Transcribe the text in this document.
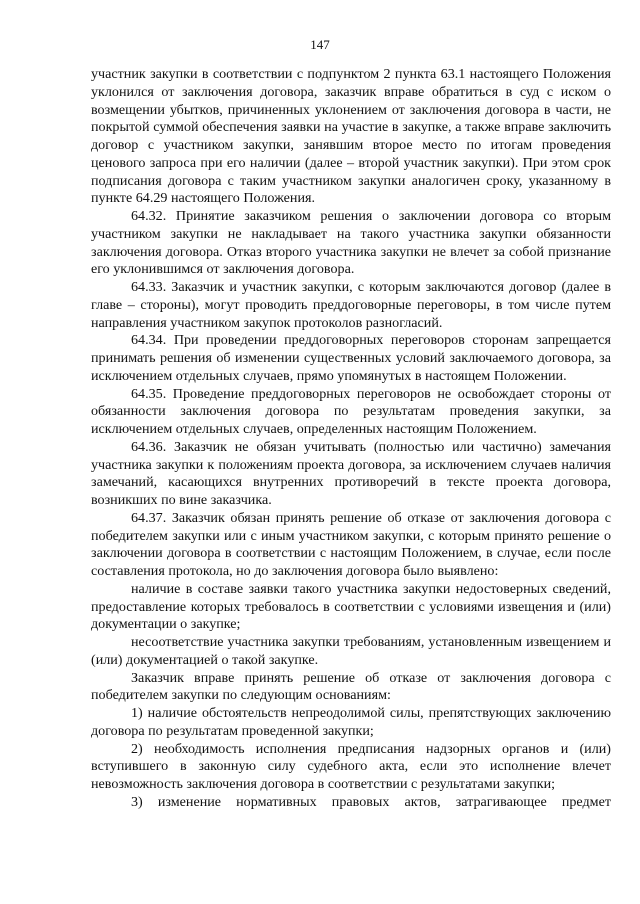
147

участник закупки в соответствии с подпунктом 2 пункта 63.1 настоящего Положения уклонился от заключения договора, заказчик вправе обратиться в суд с иском о возмещении убытков, причиненных уклонением от заключения договора в части, не покрытой суммой обеспечения заявки на участие в закупке, а также вправе заключить договор с участником закупки, занявшим второе место по итогам проведения ценового запроса при его наличии (далее – второй участник закупки). При этом срок подписания договора с таким участником закупки аналогичен сроку, указанному в пункте 64.29 настоящего Положения.

64.32. Принятие заказчиком решения о заключении договора со вторым участником закупки не накладывает на такого участника закупки обязанности заключения договора. Отказ второго участника закупки не влечет за собой признание его уклонившимся от заключения договора.

64.33. Заказчик и участник закупки, с которым заключаются договор (далее в главе – стороны), могут проводить преддоговорные переговоры, в том числе путем направления участником закупок протоколов разногласий.

64.34. При проведении преддоговорных переговоров сторонам запрещается принимать решения об изменении существенных условий заключаемого договора, за исключением отдельных случаев, прямо упомянутых в настоящем Положении.

64.35. Проведение преддоговорных переговоров не освобождает стороны от обязанности заключения договора по результатам проведения закупки, за исключением отдельных случаев, определенных настоящим Положением.

64.36. Заказчик не обязан учитывать (полностью или частично) замечания участника закупки к положениям проекта договора, за исключением случаев наличия замечаний, касающихся внутренних противоречий в тексте проекта договора, возникших по вине заказчика.

64.37. Заказчик обязан принять решение об отказе от заключения договора с победителем закупки или с иным участником закупки, с которым принято решение о заключении договора в соответствии с настоящим Положением, в случае, если после составления протокола, но до заключения договора было выявлено:

наличие в составе заявки такого участника закупки недостоверных сведений, предоставление которых требовалось в соответствии с условиями извещения и (или) документации о закупке;

несоответствие участника закупки требованиям, установленным извещением и (или) документацией о такой закупке.

Заказчик вправе принять решение об отказе от заключения договора с победителем закупки по следующим основаниям:

1) наличие обстоятельств непреодолимой силы, препятствующих заключению договора по результатам проведенной закупки;

2) необходимость исполнения предписания надзорных органов и (или) вступившего в законную силу судебного акта, если это исполнение влечет невозможность заключения договора в соответствии с результатами закупки;

3) изменение нормативных правовых актов, затрагивающее предмет
